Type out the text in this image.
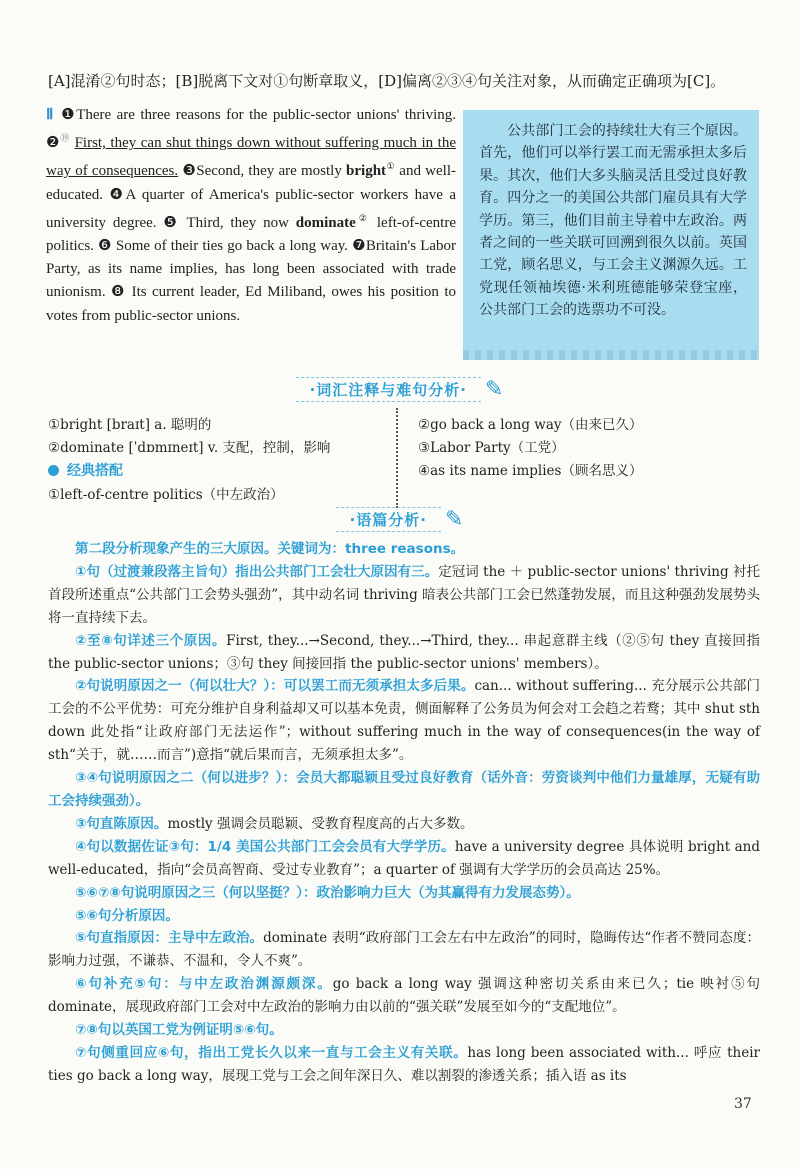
[A]混淆②句时态；[B]脱离下文对①句断章取义，[D]偏离②③④句关注对象，从而确定正确项为[C]。
Ⅱ ❶There are three reasons for the public-sector unions' thriving. ❷⑲ First, they can shut things down without suffering much in the way of consequences. ❸Second, they are mostly bright① and well-educated. ❹A quarter of America's public-sector workers have a university degree. ❺ Third, they now dominate② left-of-centre politics. ❻ Some of their ties go back a long way. ❼Britain's Labor Party, as its name implies, has long been associated with trade unionism. ❽ Its current leader, Ed Miliband, owes his position to votes from public-sector unions.
公共部门工会的持续壮大有三个原因。首先，他们可以举行罢工而无需承担太多后果。其次，他们大多头脑灵活且受过良好教育。四分之一的美国公共部门雇员具有大学学历。第三，他们目前主导着中左政治。两者之间的一些关联可回溯到很久以前。英国工党，顾名思义，与工会主义渊源久远。工党现任领袖埃德·米利班德能够荣登宝座，公共部门工会的选票功不可没。
·词汇注释与难句分析· ✎
①bright [braɪt] a. 聪明的
②dominate [ˈdɒmɪneɪt] v. 支配，控制，影响
②go back a long way（由来已久）
③Labor Party（工党）
④as its name implies（顾名思义）
经典搭配
①left-of-centre politics（中左政治）
·语篇分析· ✎

第二段分析现象产生的三大原因。关键词为：three reasons。

①句（过渡兼段落主旨句）指出公共部门工会壮大原因有三。定冠词 the ＋ public-sector unions' thriving 衬托首段所述重点“公共部门工会势头强劲”，其中动名词 thriving 暗表公共部门工会已然蓬勃发展，而且这种强劲发展势头将一直持续下去。

②至⑧句详述三个原因。First, they...→Second, they...→Third, they... 串起意群主线（②⑤句 they 直接回指 the public-sector unions；③句 they 间接回指 the public-sector unions' members）。

②句说明原因之一（何以壮大？）：可以罢工而无须承担太多后果。can... without suffering... 充分展示公共部门工会的不公平优势：可充分维护自身利益却又可以基本免责，侧面解释了公务员为何会对工会趋之若鹜；其中 shut sth down 此处指“让政府部门无法运作”；without suffering much in the way of consequences(in the way of sth“关于，就……而言”)意指“就后果而言，无须承担太多”。

③④句说明原因之二（何以进步？）：会员大都聪颖且受过良好教育（话外音：劳资谈判中他们力量雄厚，无疑有助工会持续强劲）。

③句直陈原因。mostly 强调会员聪颖、受教育程度高的占大多数。

④句以数据佐证③句：1/4 美国公共部门工会会员有大学学历。have a university degree 具体说明 bright and well-educated，指向“会员高智商、受过专业教育”；a quarter of 强调有大学学历的会员高达 25%。

⑤⑥⑦⑧句说明原因之三（何以坚挺？）：政治影响力巨大（为其赢得有力发展态势）。

⑤⑥句分析原因。

⑤句直指原因：主导中左政治。dominate 表明“政府部门工会左右中左政治”的同时，隐晦传达“作者不赞同态度：影响力过强，不谦恭、不温和，令人不爽”。

⑥句补充⑤句：与中左政治渊源颇深。go back a long way 强调这种密切关系由来已久；tie 映衬⑤句 dominate，展现政府部门工会对中左政治的影响力由以前的“强关联”发展至如今的“支配地位”。

⑦⑧句以英国工党为例证明⑤⑥句。

⑦句侧重回应⑥句，指出工党长久以来一直与工会主义有关联。has long been associated with... 呼应 their ties go back a long way，展现工党与工会之间年深日久、难以割裂的渗透关系；插入语 as its

37
